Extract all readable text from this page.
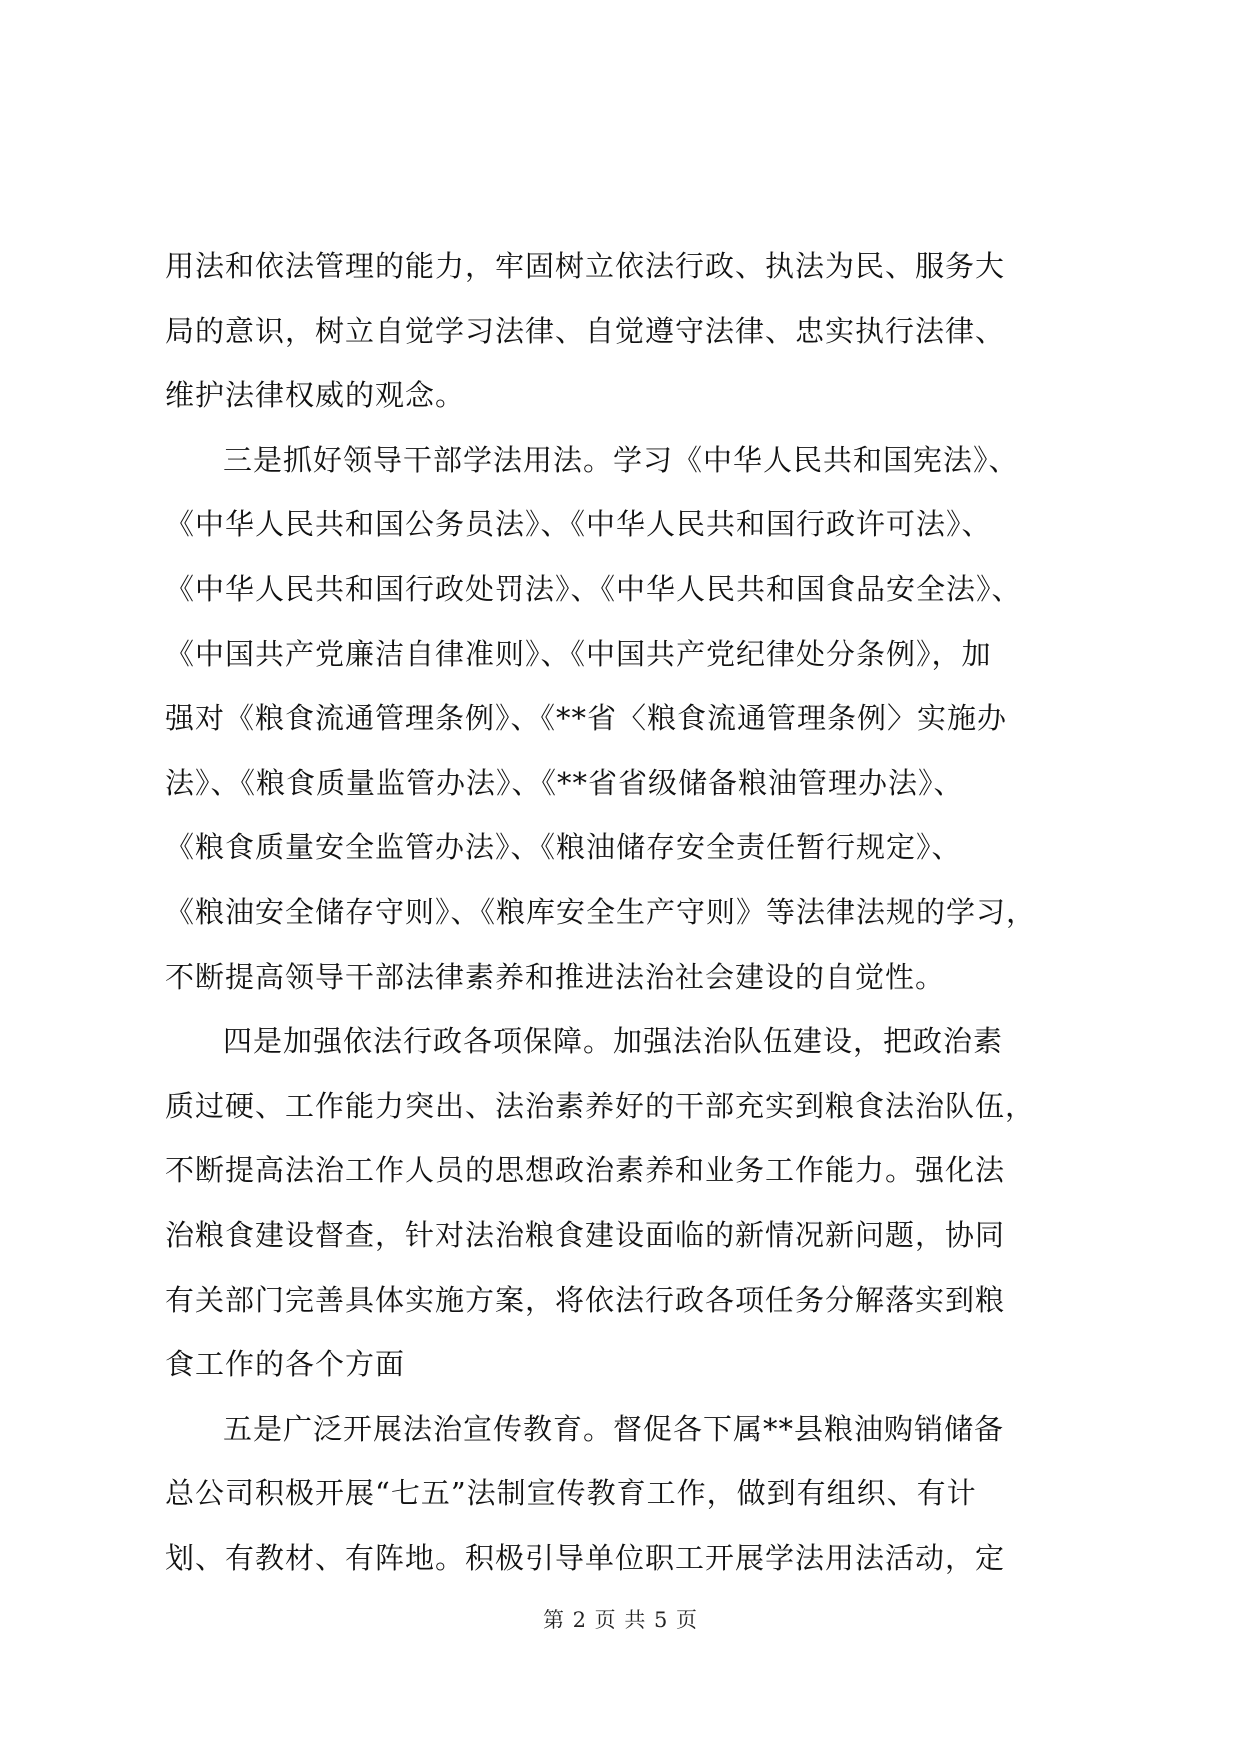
用法和依法管理的能力，牢固树立依法行政、执法为民、服务大
局的意识，树立自觉学习法律、自觉遵守法律、忠实执行法律、
维护法律权威的观念。
三是抓好领导干部学法用法。学习《中华人民共和国宪法》、
《中华人民共和国公务员法》、《中华人民共和国行政许可法》、
《中华人民共和国行政处罚法》、《中华人民共和国食品安全法》、
《中国共产党廉洁自律准则》、《中国共产党纪律处分条例》，加
强对《粮食流通管理条例》、《**省〈粮食流通管理条例〉实施办
法》、《粮食质量监管办法》、《**省省级储备粮油管理办法》、
《粮食质量安全监管办法》、《粮油储存安全责任暂行规定》、
《粮油安全储存守则》、《粮库安全生产守则》等法律法规的学习，
不断提高领导干部法律素养和推进法治社会建设的自觉性。
四是加强依法行政各项保障。加强法治队伍建设，把政治素
质过硬、工作能力突出、法治素养好的干部充实到粮食法治队伍，
不断提高法治工作人员的思想政治素养和业务工作能力。强化法
治粮食建设督查，针对法治粮食建设面临的新情况新问题，协同
有关部门完善具体实施方案，将依法行政各项任务分解落实到粮
食工作的各个方面
五是广泛开展法治宣传教育。督促各下属**县粮油购销储备
总公司积极开展“七五”法制宣传教育工作，做到有组织、有计
划、有教材、有阵地。积极引导单位职工开展学法用法活动，定
第 2 页 共 5 页
